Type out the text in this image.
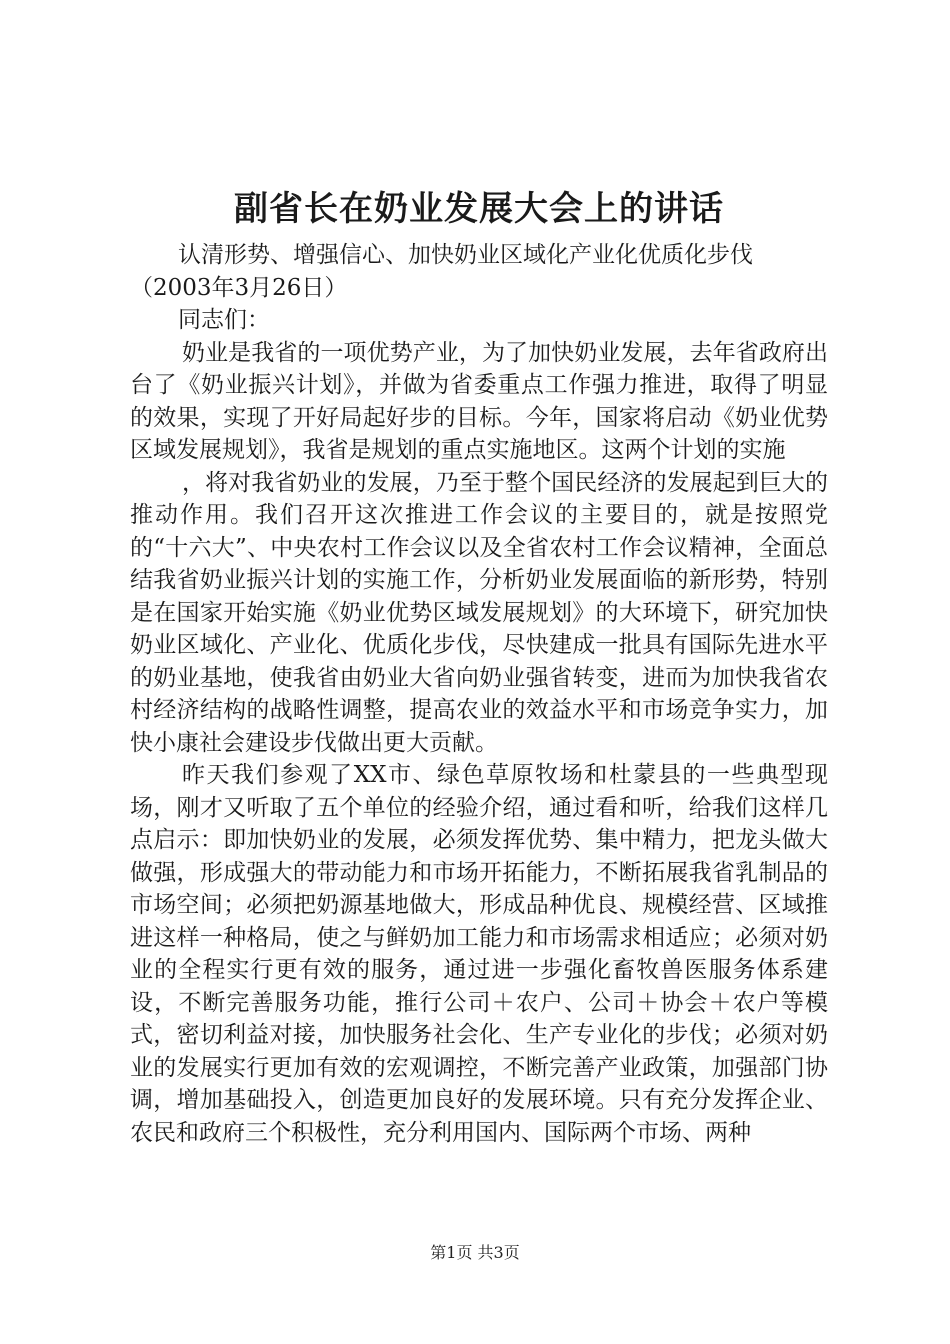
副省长在奶业发展大会上的讲话

认清形势、增强信心、加快奶业区域化产业化优质化步伐

（2003年3月26日）

同志们：

奶业是我省的一项优势产业，为了加快奶业发展，去年省政府出台了《奶业振兴计划》，并做为省委重点工作强力推进，取得了明显的效果，实现了开好局起好步的目标。今年，国家将启动《奶业优势区域发展规划》，我省是规划的重点实施地区。这两个计划的实施

，将对我省奶业的发展，乃至于整个国民经济的发展起到巨大的推动作用。我们召开这次推进工作会议的主要目的，就是按照党的“十六大”、中央农村工作会议以及全省农村工作会议精神，全面总结我省奶业振兴计划的实施工作，分析奶业发展面临的新形势，特别是在国家开始实施《奶业优势区域发展规划》的大环境下，研究加快奶业区域化、产业化、优质化步伐，尽快建成一批具有国际先进水平的奶业基地，使我省由奶业大省向奶业强省转变，进而为加快我省农村经济结构的战略性调整，提高农业的效益水平和市场竞争实力，加快小康社会建设步伐做出更大贡献。

昨天我们参观了XX市、绿色草原牧场和杜蒙县的一些典型现场，刚才又听取了五个单位的经验介绍，通过看和听，给我们这样几点启示：即加快奶业的发展，必须发挥优势、集中精力，把龙头做大做强，形成强大的带动能力和市场开拓能力，不断拓展我省乳制品的市场空间；必须把奶源基地做大，形成品种优良、规模经营、区域推进这样一种格局，使之与鲜奶加工能力和市场需求相适应；必须对奶业的全程实行更有效的服务，通过进一步强化畜牧兽医服务体系建设，不断完善服务功能，推行公司＋农户、公司＋协会＋农户等模式，密切利益对接，加快服务社会化、生产专业化的步伐；必须对奶业的发展实行更加有效的宏观调控，不断完善产业政策，加强部门协调，增加基础投入，创造更加良好的发展环境。只有充分发挥企业、农民和政府三个积极性，充分利用国内、国际两个市场、两种

第1页 共3页
